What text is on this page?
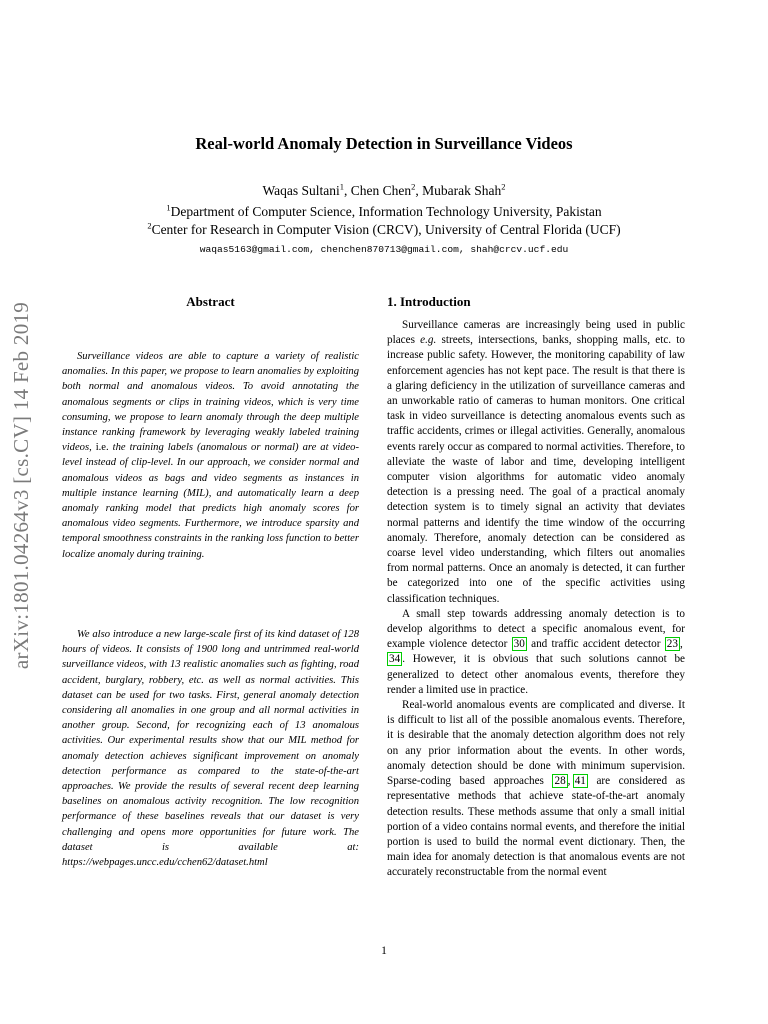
arXiv:1801.04264v3 [cs.CV] 14 Feb 2019
Real-world Anomaly Detection in Surveillance Videos
Waqas Sultani$^1$, Chen Chen$^2$, Mubarak Shah$^2$
$^1$Department of Computer Science, Information Technology University, Pakistan
$^2$Center for Research in Computer Vision (CRCV), University of Central Florida (UCF)
waqas5163@gmail.com, chenchen870713@gmail.com, shah@crcv.ucf.edu
Abstract

Surveillance videos are able to capture a variety of realistic anomalies. In this paper, we propose to learn anomalies by exploiting both normal and anomalous videos. To avoid annotating the anomalous segments or clips in training videos, which is very time consuming, we propose to learn anomaly through the deep multiple instance ranking framework by leveraging weakly labeled training videos, i.e. the training labels (anomalous or normal) are at video-level instead of clip-level. In our approach, we consider normal and anomalous videos as bags and video segments as instances in multiple instance learning (MIL), and automatically learn a deep anomaly ranking model that predicts high anomaly scores for anomalous video segments. Furthermore, we introduce sparsity and temporal smoothness constraints in the ranking loss function to better localize anomaly during training.

We also introduce a new large-scale first of its kind dataset of 128 hours of videos. It consists of 1900 long and untrimmed real-world surveillance videos, with 13 realistic anomalies such as fighting, road accident, burglary, robbery, etc. as well as normal activities. This dataset can be used for two tasks. First, general anomaly detection considering all anomalies in one group and all normal activities in another group. Second, for recognizing each of 13 anomalous activities. Our experimental results show that our MIL method for anomaly detection achieves significant improvement on anomaly detection performance as compared to the state-of-the-art approaches. We provide the results of several recent deep learning baselines on anomalous activity recognition. The low recognition performance of these baselines reveals that our dataset is very challenging and opens more opportunities for future work. The dataset is available at: https://webpages.uncc.edu/cchen62/dataset.html

1. Introduction

Surveillance cameras are increasingly being used in public places e.g. streets, intersections, banks, shopping malls, etc. to increase public safety. However, the monitoring capability of law enforcement agencies has not kept pace. The result is that there is a glaring deficiency in the utilization of surveillance cameras and an unworkable ratio of cameras to human monitors. One critical task in video surveillance is detecting anomalous events such as traffic accidents, crimes or illegal activities. Generally, anomalous events rarely occur as compared to normal activities. Therefore, to alleviate the waste of labor and time, developing intelligent computer vision algorithms for automatic video anomaly detection is a pressing need. The goal of a practical anomaly detection system is to timely signal an activity that deviates normal patterns and identify the time window of the occurring anomaly. Therefore, anomaly detection can be considered as coarse level video understanding, which filters out anomalies from normal patterns. Once an anomaly is detected, it can further be categorized into one of the specific activities using classification techniques.

A small step towards addressing anomaly detection is to develop algorithms to detect a specific anomalous event, for example violence detector 30 and traffic accident detector 23 , 34 . However, it is obvious that such solutions cannot be generalized to detect other anomalous events, therefore they render a limited use in practice.

Real-world anomalous events are complicated and diverse. It is difficult to list all of the possible anomalous events. Therefore, it is desirable that the anomaly detection algorithm does not rely on any prior information about the events. In other words, anomaly detection should be done with minimum supervision. Sparse-coding based approaches 28 , 41 are considered as representative methods that achieve state-of-the-art anomaly detection results. These methods assume that only a small initial portion of a video contains normal events, and therefore the initial portion is used to build the normal event dictionary. Then, the main idea for anomaly detection is that anomalous events are not accurately reconstructable from the normal event

1
